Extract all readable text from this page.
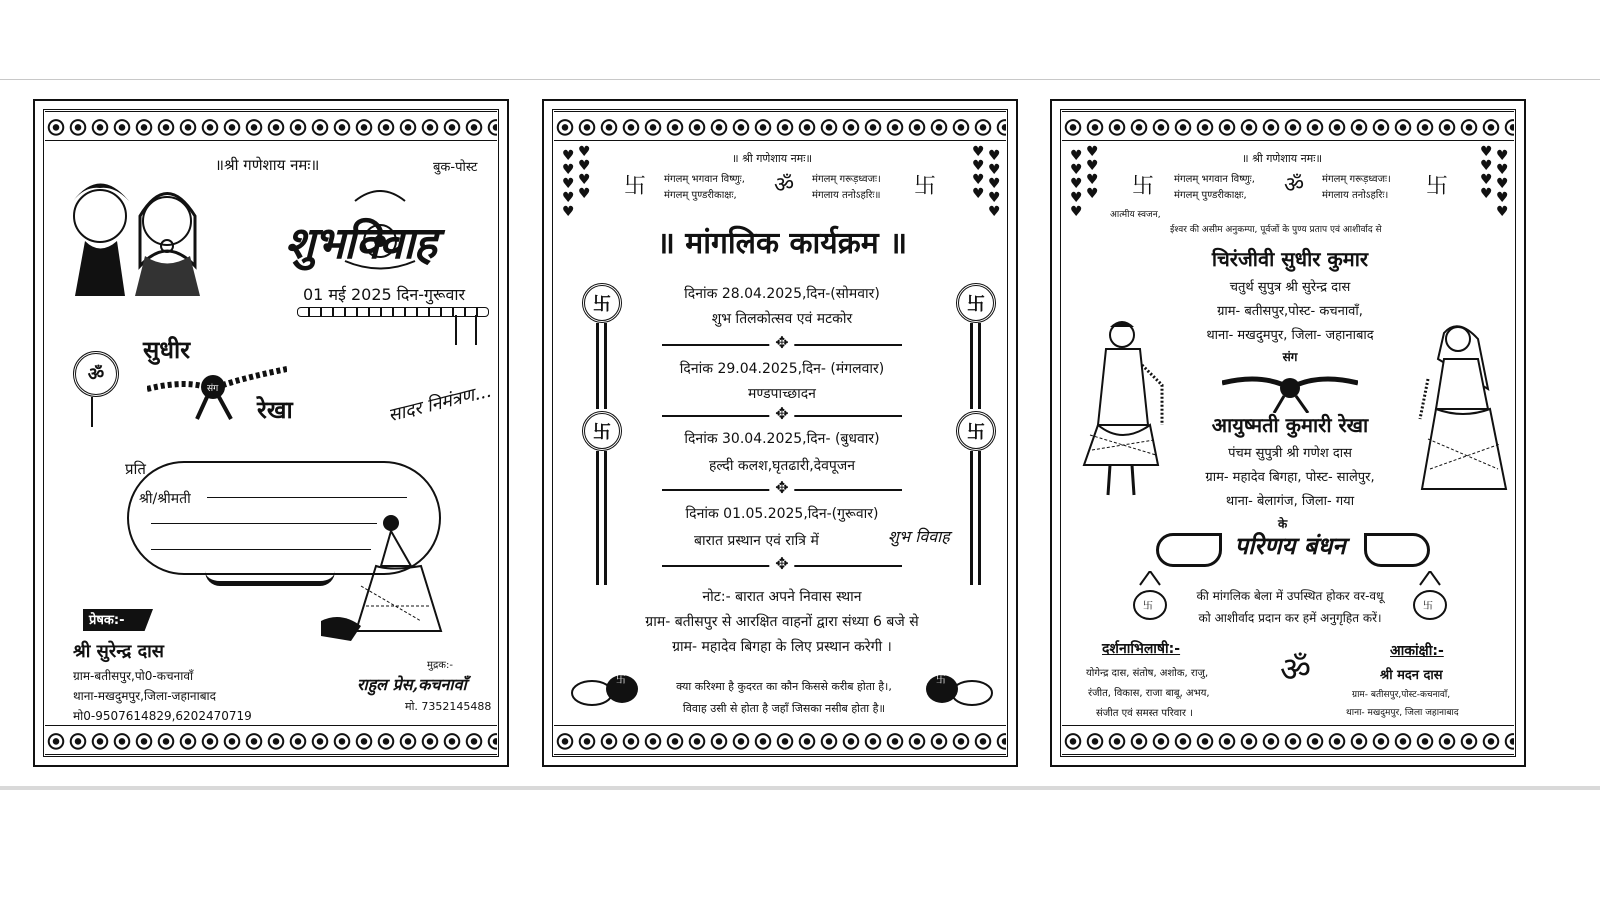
॥श्री गणेशाय नमः॥	बुक-पोस्ट
शुभविवाह
01 मई 2025 दिन-गुरूवार
सुधीर
रेखा
संग
ॐ
सादर निमंत्रण...
प्रति
श्री/श्रीमती
प्रेषक:-
श्री सुरेन्द्र दास
ग्राम-बतीसपुर,पो0-कचनावाँ
थाना-मखदुमपुर,जिला-जहानाबाद
मो0-9507614829,6202470719
मुद्रक:-
राहुल प्रेस,कचनावाँ
मो. 7352145488
♥
♥
♥
♥
♥
♥
♥
♥
♥
♥
♥
♥
♥
♥
♥
♥
♥
♥
॥ श्री गणेशाय नमः॥
卐	卐
मंगलम् भगवान विष्णुः,
मंगलम् पुण्डरीकाक्षः, ॐ मंगलम् गरूड़ध्वजः।
मंगलाय तनोऽहरिः॥
॥ मांगलिक कार्यक्रम ॥
卐	卐
卐	卐
दिनांक 28.04.2025,दिन-(सोमवार)
शुभ तिलकोत्सव एवं मटकोर
✥
दिनांक 29.04.2025,दिन- (मंगलवार)
मण्डपाच्छादन
✥
दिनांक 30.04.2025,दिन- (बुधवार)
हल्दी कलश,घृतढारी,देवपूजन
✥
दिनांक 01.05.2025,दिन-(गुरूवार)
बारात प्रस्थान एवं रात्रि में	शुभ विवाह
✥
नोट:- बारात अपने निवास स्थान
ग्राम- बतीसपुर से आरक्षित वाहनों द्वारा संध्या 6 बजे से
ग्राम- महादेव बिगहा के लिए प्रस्थान करेगी ।
卐	卐
क्या करिश्मा है कुदरत का कौन किससे करीब होता है।,
विवाह उसी से होता है जहाँ जिसका नसीब होता है॥
♥
♥
♥
♥
♥
♥
♥
♥
♥
♥
♥
♥
♥
♥
♥
♥
♥
♥
॥ श्री गणेशाय नमः॥
卐	卐
मंगलम् भगवान विष्णुः,
मंगलम् पुण्डरीकाक्षः, ॐ मंगलम् गरूड़ध्वजः।
मंगलाय तनोऽहरिः।
आत्मीय स्वजन,
ईश्वर की असीम अनुकम्पा, पूर्वजों के पुण्य प्रताप एवं आशीर्वाद से
चिरंजीवी सुधीर कुमार
चतुर्थ सुपुत्र श्री सुरेन्द्र दास
ग्राम- बतीसपुर,पोस्ट- कचनावाँ,
थाना- मखदुमपुर, जिला- जहानाबाद
संग
आयुष्मती कुमारी रेखा
पंचम सुपुत्री श्री गणेश दास
ग्राम- महादेव बिगहा, पोस्ट- सालेपुर,
थाना- बेलागंज, जिला- गया
के
परिणय बंधन
卐	卐
की मांगलिक बेला में उपस्थित होकर वर-वधू
को आशीर्वाद प्रदान कर हमें अनुगृहित करें।
दर्शनाभिलाषी:-
योगेन्द्र दास, संतोष, अशोक, राजु,
रंजीत, विकास, राजा बाबू, अभय,
संजीत एवं समस्त परिवार ।
ॐ	आकांक्षी:-
श्री मदन दास
ग्राम- बतीसपुर,पोस्ट-कचनावाँ,
थाना- मखदुमपुर, जिला जहानाबाद
